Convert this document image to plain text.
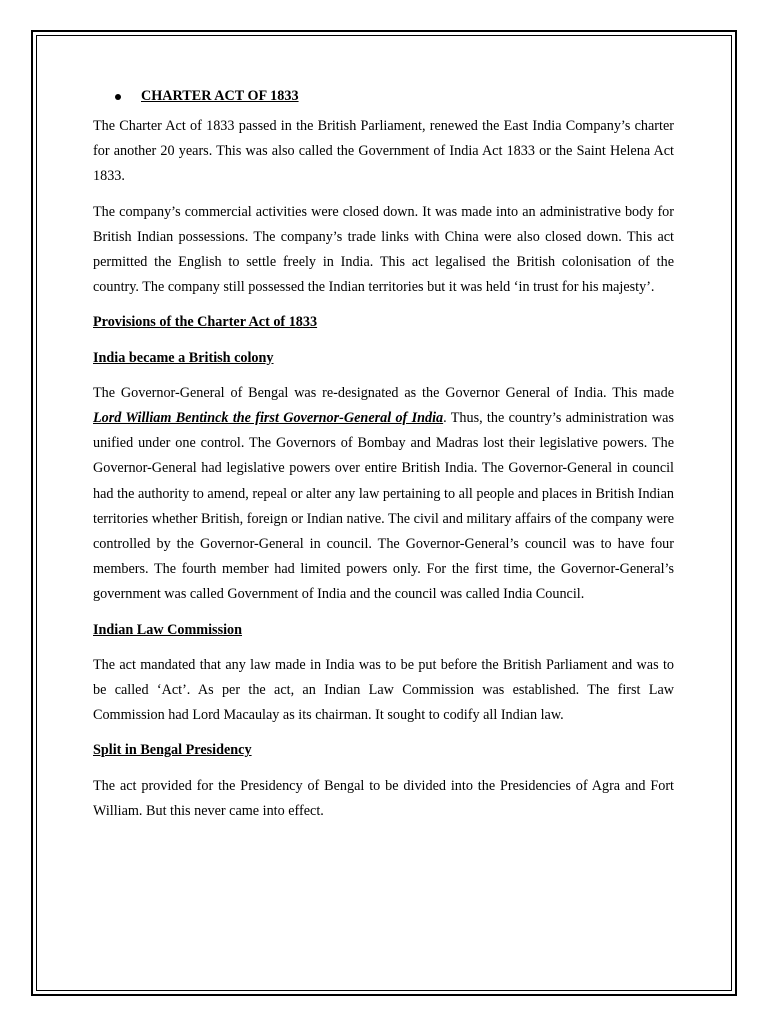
CHARTER ACT OF 1833

The Charter Act of 1833 passed in the British Parliament, renewed the East India Company’s charter for another 20 years. This was also called the Government of India Act 1833 or the Saint Helena Act 1833.

The company’s commercial activities were closed down. It was made into an administrative body for British Indian possessions. The company’s trade links with China were also closed down. This act permitted the English to settle freely in India. This act legalised the British colonisation of the country. The company still possessed the Indian territories but it was held ‘in trust for his majesty’.

Provisions of the Charter Act of 1833
India became a British colony

The Governor-General of Bengal was re-designated as the Governor General of India. This made Lord William Bentinck the first Governor-General of India. Thus, the country’s administration was unified under one control. The Governors of Bombay and Madras lost their legislative powers. The Governor-General had legislative powers over entire British India. The Governor-General in council had the authority to amend, repeal or alter any law pertaining to all people and places in British Indian territories whether British, foreign or Indian native. The civil and military affairs of the company were controlled by the Governor-General in council. The Governor-General’s council was to have four members. The fourth member had limited powers only. For the first time, the Governor-General’s government was called Government of India and the council was called India Council.

Indian Law Commission

The act mandated that any law made in India was to be put before the British Parliament and was to be called ‘Act’. As per the act, an Indian Law Commission was established. The first Law Commission had Lord Macaulay as its chairman. It sought to codify all Indian law.

Split in Bengal Presidency

The act provided for the Presidency of Bengal to be divided into the Presidencies of Agra and Fort William. But this never came into effect.
